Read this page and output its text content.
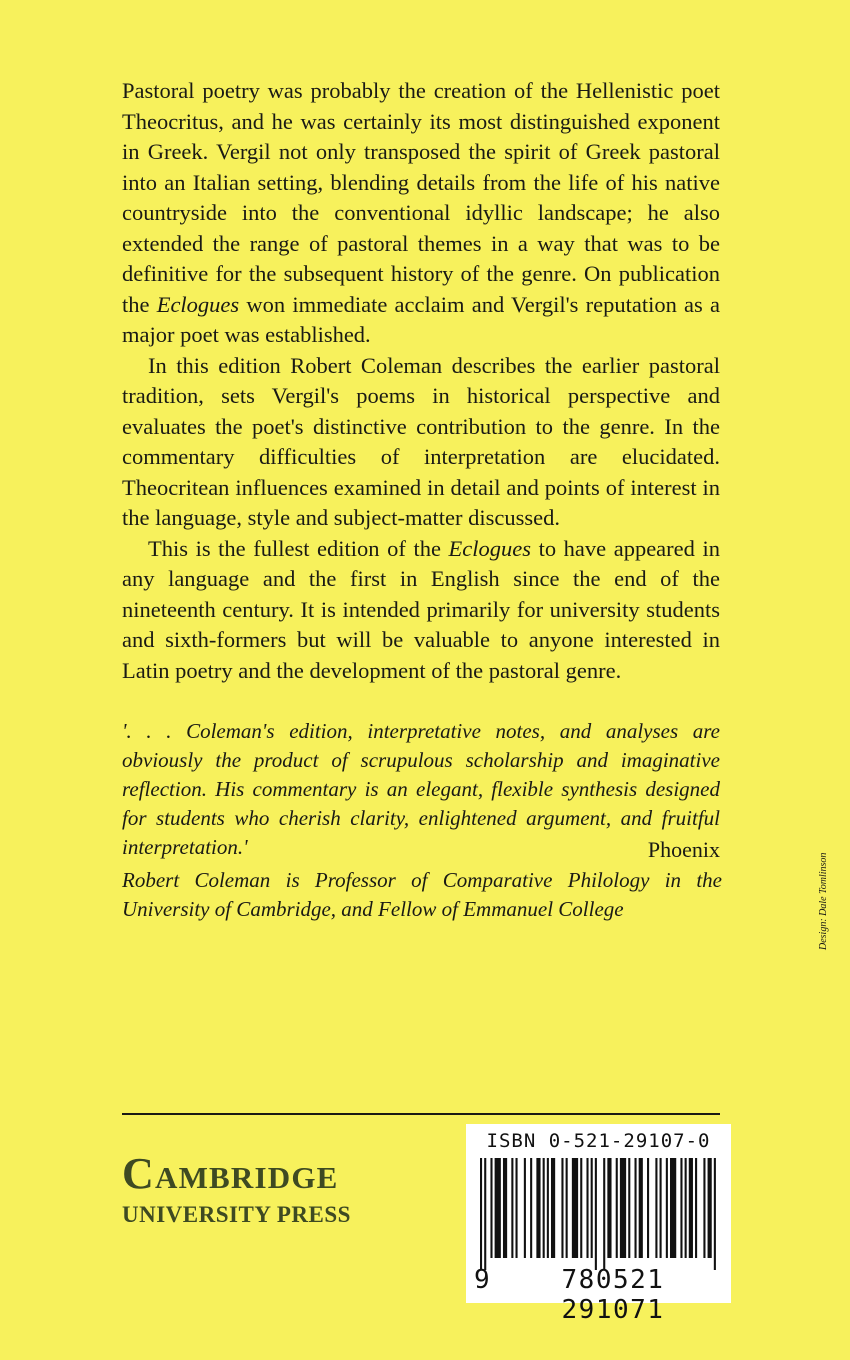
Pastoral poetry was probably the creation of the Hellenistic poet Theocritus, and he was certainly its most distinguished exponent in Greek. Vergil not only transposed the spirit of Greek pastoral into an Italian setting, blending details from the life of his native countryside into the conventional idyllic landscape; he also extended the range of pastoral themes in a way that was to be definitive for the subsequent history of the genre. On publication the Eclogues won immediate acclaim and Vergil's reputation as a major poet was established.

In this edition Robert Coleman describes the earlier pastoral tradition, sets Vergil's poems in historical perspective and evaluates the poet's distinctive contribution to the genre. In the commentary difficulties of interpretation are elucidated. Theocritean influences examined in detail and points of interest in the language, style and subject-matter discussed.

This is the fullest edition of the Eclogues to have appeared in any language and the first in English since the end of the nineteenth century. It is intended primarily for university students and sixth-formers but will be valuable to anyone interested in Latin poetry and the development of the pastoral genre.

'. . . Coleman's edition, interpretative notes, and analyses are obviously the product of scrupulous scholarship and imaginative reflection. His commentary is an elegant, flexible synthesis designed for students who cherish clarity, enlightened argument, and fruitful interpretation.'	Phoenix
Robert Coleman is Professor of Comparative Philology in the University of Cambridge, and Fellow of Emmanuel College	Design: Dale Tomlinson
Cambridge
UNIVERSITY PRESS
ISBN 0-521-29107-0
9	780521 291071
